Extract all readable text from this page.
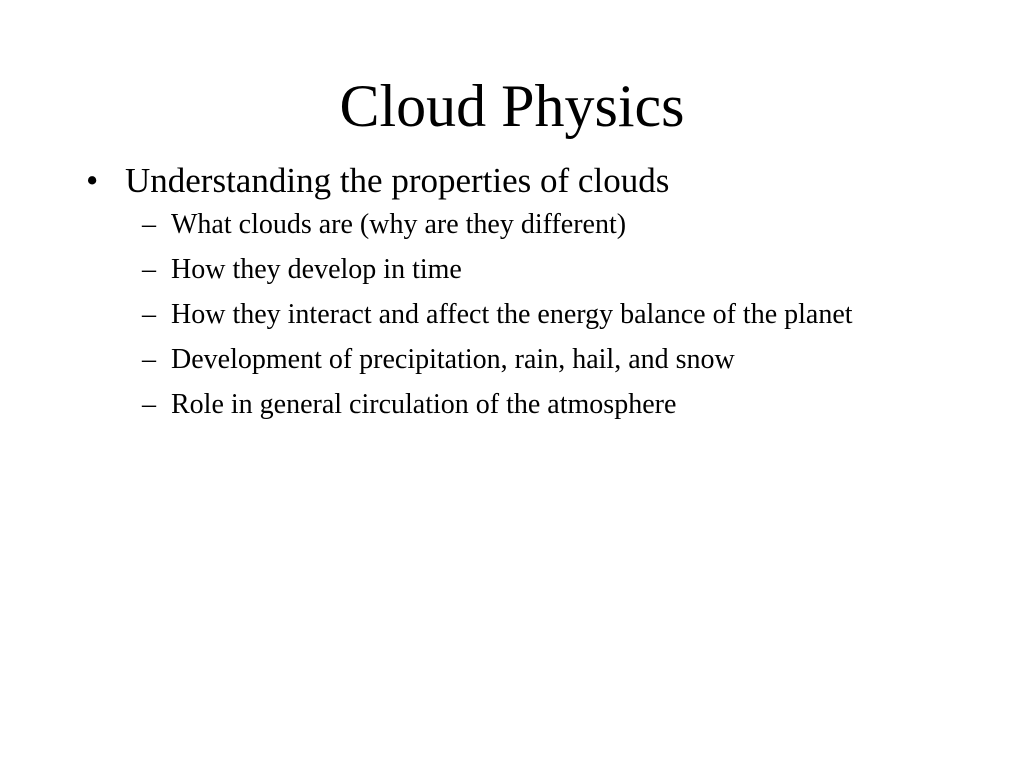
Cloud Physics
• Understanding the properties of clouds
– What clouds are (why are they different)
– How they develop in time
– How they interact and affect the energy balance of the planet
– Development of precipitation, rain, hail, and snow
– Role in general circulation of the atmosphere
